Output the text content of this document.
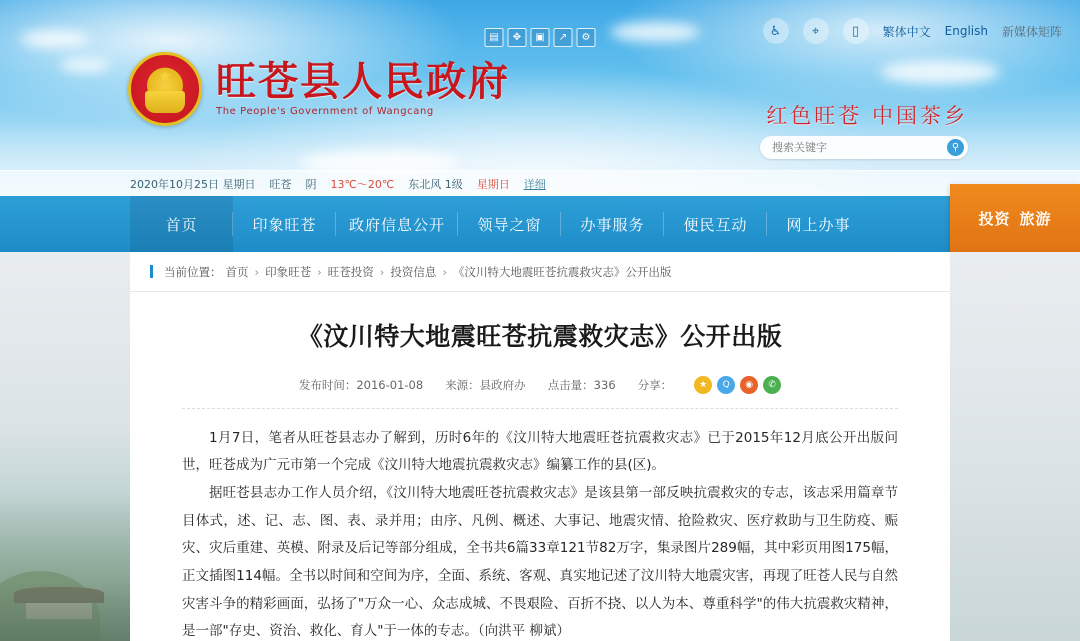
▤	✥	▣	↗	⚙	♿	⌖	▯	繁体中文 English 新媒体矩阵
★
旺苍县人民政府
The People's Government of Wangcang	红色旺苍 中国茶乡
搜索关键字
⚲
2020年10月25日 星期日 旺苍 阴 13℃～20℃ 东北风 1级 星期日 详细
首页	印象旺苍	政府信息公开	领导之窗	办事服务	便民互动	网上办事	投资 旅游
当前位置： 首页 › 印象旺苍 › 旺苍投资 › 投资信息 › 《汶川特大地震旺苍抗震救灾志》公开出版
《汶川特大地震旺苍抗震救灾志》公开出版
发布时间：2016-01-08 来源：县政府办 点击量：336 分享：	★	Q	◉	✆

1月7日，笔者从旺苍县志办了解到，历时6年的《汶川特大地震旺苍抗震救灾志》已于2015年12月底公开出版问世，旺苍成为广元市第一个完成《汶川特大地震抗震救灾志》编纂工作的县(区)。

据旺苍县志办工作人员介绍，《汶川特大地震旺苍抗震救灾志》是该县第一部反映抗震救灾的专志，该志采用篇章节目体式，述、记、志、图、表、录并用；由序、凡例、概述、大事记、地震灾情、抢险救灾、医疗救助与卫生防疫、赈灾、灾后重建、英模、附录及后记等部分组成，全书共6篇33章121节82万字，集录图片289幅，其中彩页用图175幅，正文插图114幅。全书以时间和空间为序，全面、系统、客观、真实地记述了汶川特大地震灾害，再现了旺苍人民与自然灾害斗争的精彩画面，弘扬了"万众一心、众志成城、不畏艰险、百折不挠、以人为本、尊重科学"的伟大抗震救灾精神，是一部"存史、资治、救化、育人"于一体的专志。（向洪平 柳斌）
